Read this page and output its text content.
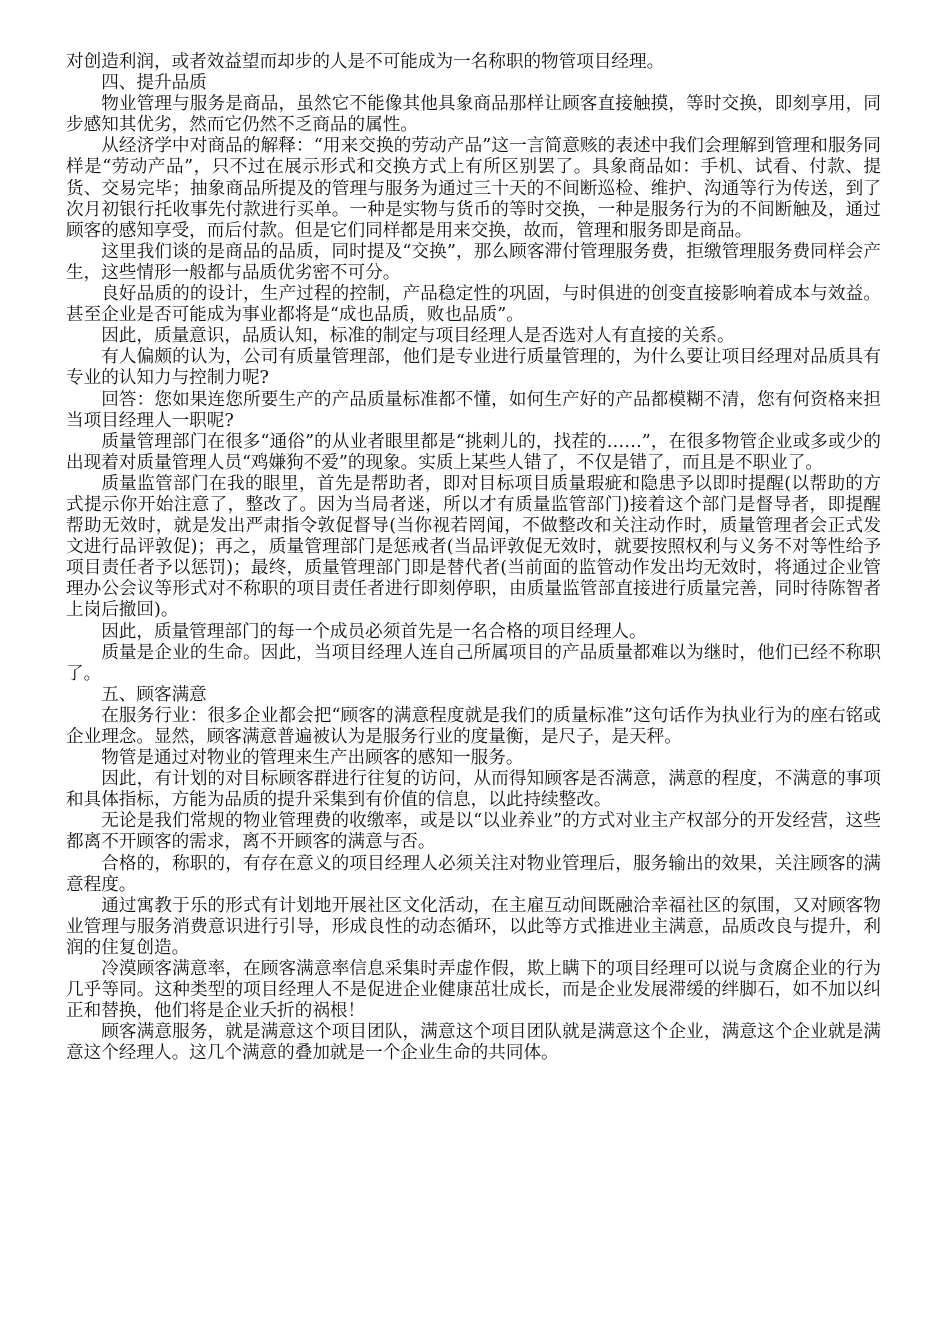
对创造利润，或者效益望而却步的人是不可能成为一名称职的物管项目经理。

四、提升品质

物业管理与服务是商品，虽然它不能像其他具象商品那样让顾客直接触摸，等时交换，即刻享用，同步感知其优劣，然而它仍然不乏商品的属性。

从经济学中对商品的解释：“用来交换的劳动产品”这一言简意赅的表述中我们会理解到管理和服务同样是“劳动产品”，只不过在展示形式和交换方式上有所区别罢了。具象商品如：手机、试看、付款、提货、交易完毕；抽象商品所提及的管理与服务为通过三十天的不间断巡检、维护、沟通等行为传送，到了次月初银行托收事先付款进行买单。一种是实物与货币的等时交换，一种是服务行为的不间断触及，通过顾客的感知享受，而后付款。但是它们同样都是用来交换，故而，管理和服务即是商品。

这里我们谈的是商品的品质，同时提及“交换”，那么顾客滞付管理服务费，拒缴管理服务费同样会产生，这些情形一般都与品质优劣密不可分。

良好品质的的设计，生产过程的控制，产品稳定性的巩固，与时俱进的创变直接影响着成本与效益。甚至企业是否可能成为事业都将是“成也品质，败也品质”。

因此，质量意识，品质认知，标准的制定与项目经理人是否选对人有直接的关系。

有人偏颇的认为，公司有质量管理部，他们是专业进行质量管理的，为什么要让项目经理对品质具有专业的认知力与控制力呢?

回答：您如果连您所要生产的产品质量标准都不懂，如何生产好的产品都模糊不清，您有何资格来担当项目经理人一职呢?

质量管理部门在很多“通俗”的从业者眼里都是“挑刺儿的，找茬的……”，在很多物管企业或多或少的出现着对质量管理人员“鸡嫌狗不爱”的现象。实质上某些人错了，不仅是错了，而且是不职业了。

质量监管部门在我的眼里，首先是帮助者，即对目标项目质量瑕疵和隐患予以即时提醒(以帮助的方式提示你开始注意了，整改了。因为当局者迷，所以才有质量监管部门)接着这个部门是督导者，即提醒帮助无效时，就是发出严肃指令敦促督导(当你视若罔闻，不做整改和关注动作时，质量管理者会正式发文进行品评敦促)；再之，质量管理部门是惩戒者(当品评敦促无效时，就要按照权利与义务不对等性给予项目责任者予以惩罚)；最终，质量管理部门即是替代者(当前面的监管动作发出均无效时，将通过企业管理办公会议等形式对不称职的项目责任者进行即刻停职，由质量监管部直接进行质量完善，同时待陈智者上岗后撤回)。

因此，质量管理部门的每一个成员必须首先是一名合格的项目经理人。

质量是企业的生命。因此，当项目经理人连自己所属项目的产品质量都难以为继时，他们已经不称职了。

五、顾客满意

在服务行业：很多企业都会把“顾客的满意程度就是我们的质量标准”这句话作为执业行为的座右铭或企业理念。显然，顾客满意普遍被认为是服务行业的度量衡，是尺子，是天秤。

物管是通过对物业的管理来生产出顾客的感知一服务。

因此，有计划的对目标顾客群进行往复的访问，从而得知顾客是否满意，满意的程度，不满意的事项和具体指标，方能为品质的提升采集到有价值的信息，以此持续整改。

无论是我们常规的物业管理费的收缴率，或是以“以业养业”的方式对业主产权部分的开发经营，这些都离不开顾客的需求，离不开顾客的满意与否。

合格的，称职的，有存在意义的项目经理人必须关注对物业管理后，服务输出的效果，关注顾客的满意程度。

通过寓教于乐的形式有计划地开展社区文化活动，在主雇互动间既融洽幸福社区的氛围，又对顾客物业管理与服务消费意识进行引导，形成良性的动态循环，以此等方式推进业主满意，品质改良与提升，利润的住复创造。

冷漠顾客满意率，在顾客满意率信息采集时弄虚作假，欺上瞒下的项目经理可以说与贪腐企业的行为几乎等同。这种类型的项目经理人不是促进企业健康茁壮成长，而是企业发展滞缓的绊脚石，如不加以纠正和替换，他们将是企业夭折的祸根！

顾客满意服务，就是满意这个项目团队，满意这个项目团队就是满意这个企业，满意这个企业就是满意这个经理人。这几个满意的叠加就是一个企业生命的共同体。
